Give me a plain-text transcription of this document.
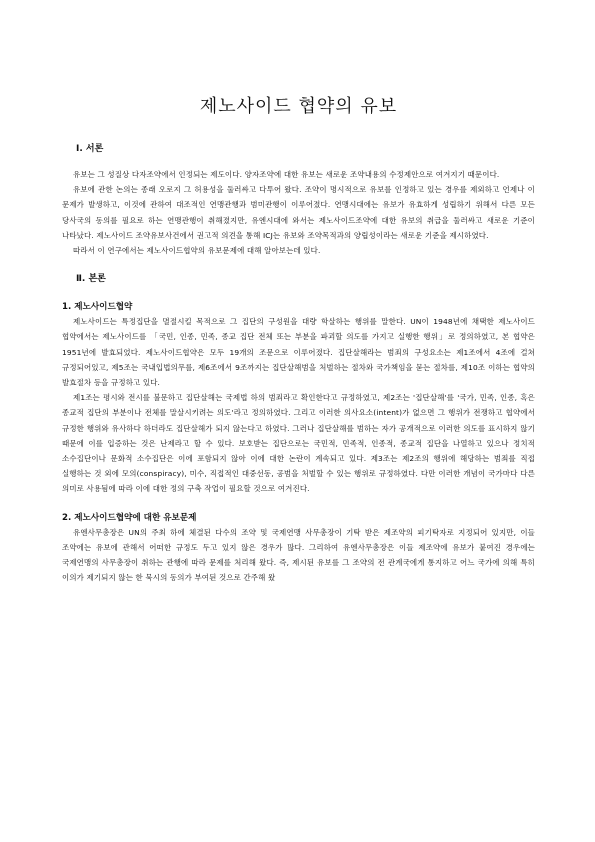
제노사이드 협약의 유보
Ⅰ. 서론

유보는 그 성질상 다자조약에서 인정되는 제도이다. 양자조약에 대한 유보는 새로운 조약내용의 수정제안으로 여겨지기 때문이다.

유보에 관한 논의는 종래 오로지 그 허용성을 둘러싸고 다투어 왔다. 조약이 명시적으로 유보를 인정하고 있는 경우를 제외하고 언제나 이 문제가 발생하고, 이것에 관하여 대조적인 연맹관행과 범미관행이 이루어졌다. 연맹시대에는 유보가 유효하게 성립하기 위해서 다른 모든 당사국의 동의를 필요로 하는 연맹관행이 취해졌지만, 유엔시대에 와서는 제노사이드조약에 대한 유보의 취급을 둘러싸고 새로운 기준이 나타났다. 제노사이드 조약유보사건에서 권고적 의견을 통해 ICJ는 유보와 조약목적과의 양립성이라는 새로운 기준을 제시하였다.

따라서 이 연구에서는 제노사이드협약의 유보문제에 대해 알아보는데 있다.

Ⅱ. 본론
1. 제노사이드협약

제노사이드는 특정집단을 멸절시킬 목적으로 그 집단의 구성원을 대량 학살하는 행위를 말한다. UN이 1948년에 채택한 제노사이드 협약에서는 제노사이드를 「국민, 인종, 민족, 종교 집단 전체 또는 부분을 파괴할 의도를 가지고 실행한 행위」로 정의하였고, 본 협약은 1951년에 발효되었다. 제노사이드협약은 모두 19개의 조문으로 이루어졌다. 집단살해라는 범죄의 구성요소는 제1조에서 4조에 걸쳐 규정되어있고, 제5조는 국내입법의무를, 제6조에서 9조까지는 집단살해범을 처벌하는 절차와 국가책임을 묻는 절차를, 제10조 이하는 협약의 발효절차 등을 규정하고 있다.

제1조는 평시와 전시를 불문하고 집단살해는 국제법 하의 범죄라고 확인한다고 규정하였고, 제2조는 '집단살해'를 '국가, 민족, 인종, 혹은 종교적 집단의 부분이나 전체를 말살시키려는 의도'라고 정의하였다. 그리고 이러한 의사요소(intent)가 없으면 그 행위가 전쟁하고 협약에서 규정한 행위와 유사하다 하더라도 집단살해가 되지 않는다고 하였다. 그러나 집단살해를 범하는 자가 공개적으로 이러한 의도를 표시하지 않기 때문에 이를 입증하는 것은 난제라고 할 수 있다. 보호받는 집단으로는 국민적, 민족적, 인종적, 종교적 집단을 나열하고 있으나 정치적 소수집단이나 문화적 소수집단은 이에 포함되지 않아 이에 대한 논란이 계속되고 있다. 제3조는 제2조의 행위에 해당하는 범죄를 직접 실행하는 것 외에 모의(conspiracy), 미수, 직접적인 대중선동, 공범을 처벌할 수 있는 행위로 규정하였다. 다만 이러한 개념이 국가마다 다른 의미로 사용됨에 따라 이에 대한 정의 구축 작업이 필요할 것으로 여겨진다.

2. 제노사이드협약에 대한 유보문제

유엔사무총장은 UN의 주최 하에 체결된 다수의 조약 및 국제연맹 사무총장이 기탁 받은 제조약의 피기탁자로 지정되어 있지만, 이들 조약에는 유보에 관해서 어떠한 규정도 두고 있지 않은 경우가 많다. 그리하여 유엔사무총장은 이들 제조약에 유보가 붙여진 경우에는 국제연맹의 사무총장이 취하는 관행에 따라 문제를 처리해 왔다. 즉, 제시된 유보를 그 조약의 전 관계국에게 통지하고 어느 국가에 의해 특히 이의가 제기되지 않는 한 묵시의 동의가 부여된 것으로 간주해 왔
